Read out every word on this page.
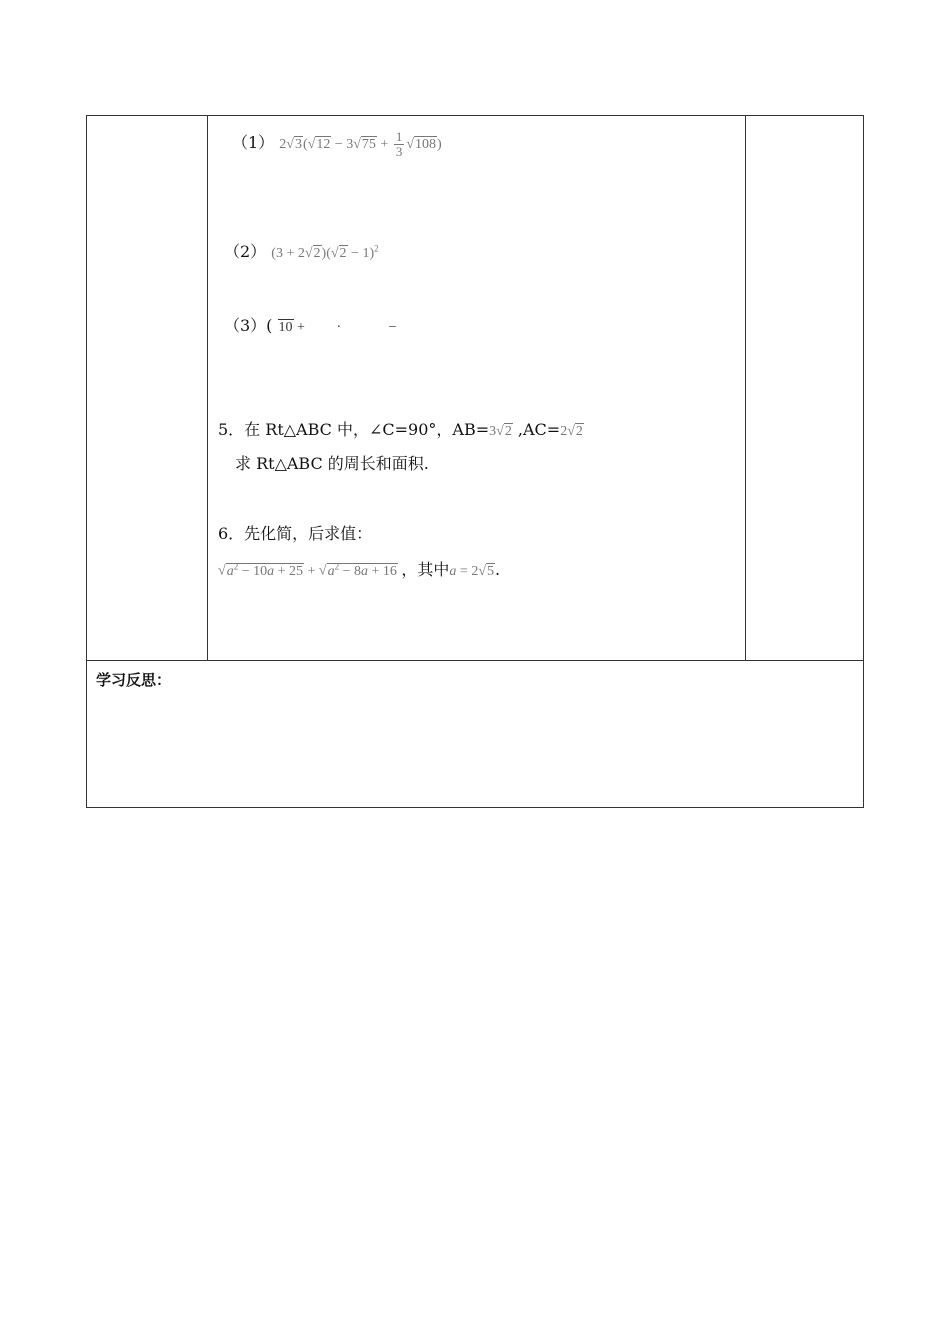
（1） $2√3(√12 - 3√75 + \frac{1}{3} √108)$
（2） $(3 + 2√2)(√2 - 1)^2$
（3）( 10 + ·	−
5．在 Rt△ABC 中，∠C=90°，AB=3√2 ,AC=2√2
求 Rt△ABC 的周长和面积.
6．先化简，后求值：
$√a^2 - 10a + 25 + √a^2 - 8a + 16$ ，其中a = 2√5.

学习反思：
